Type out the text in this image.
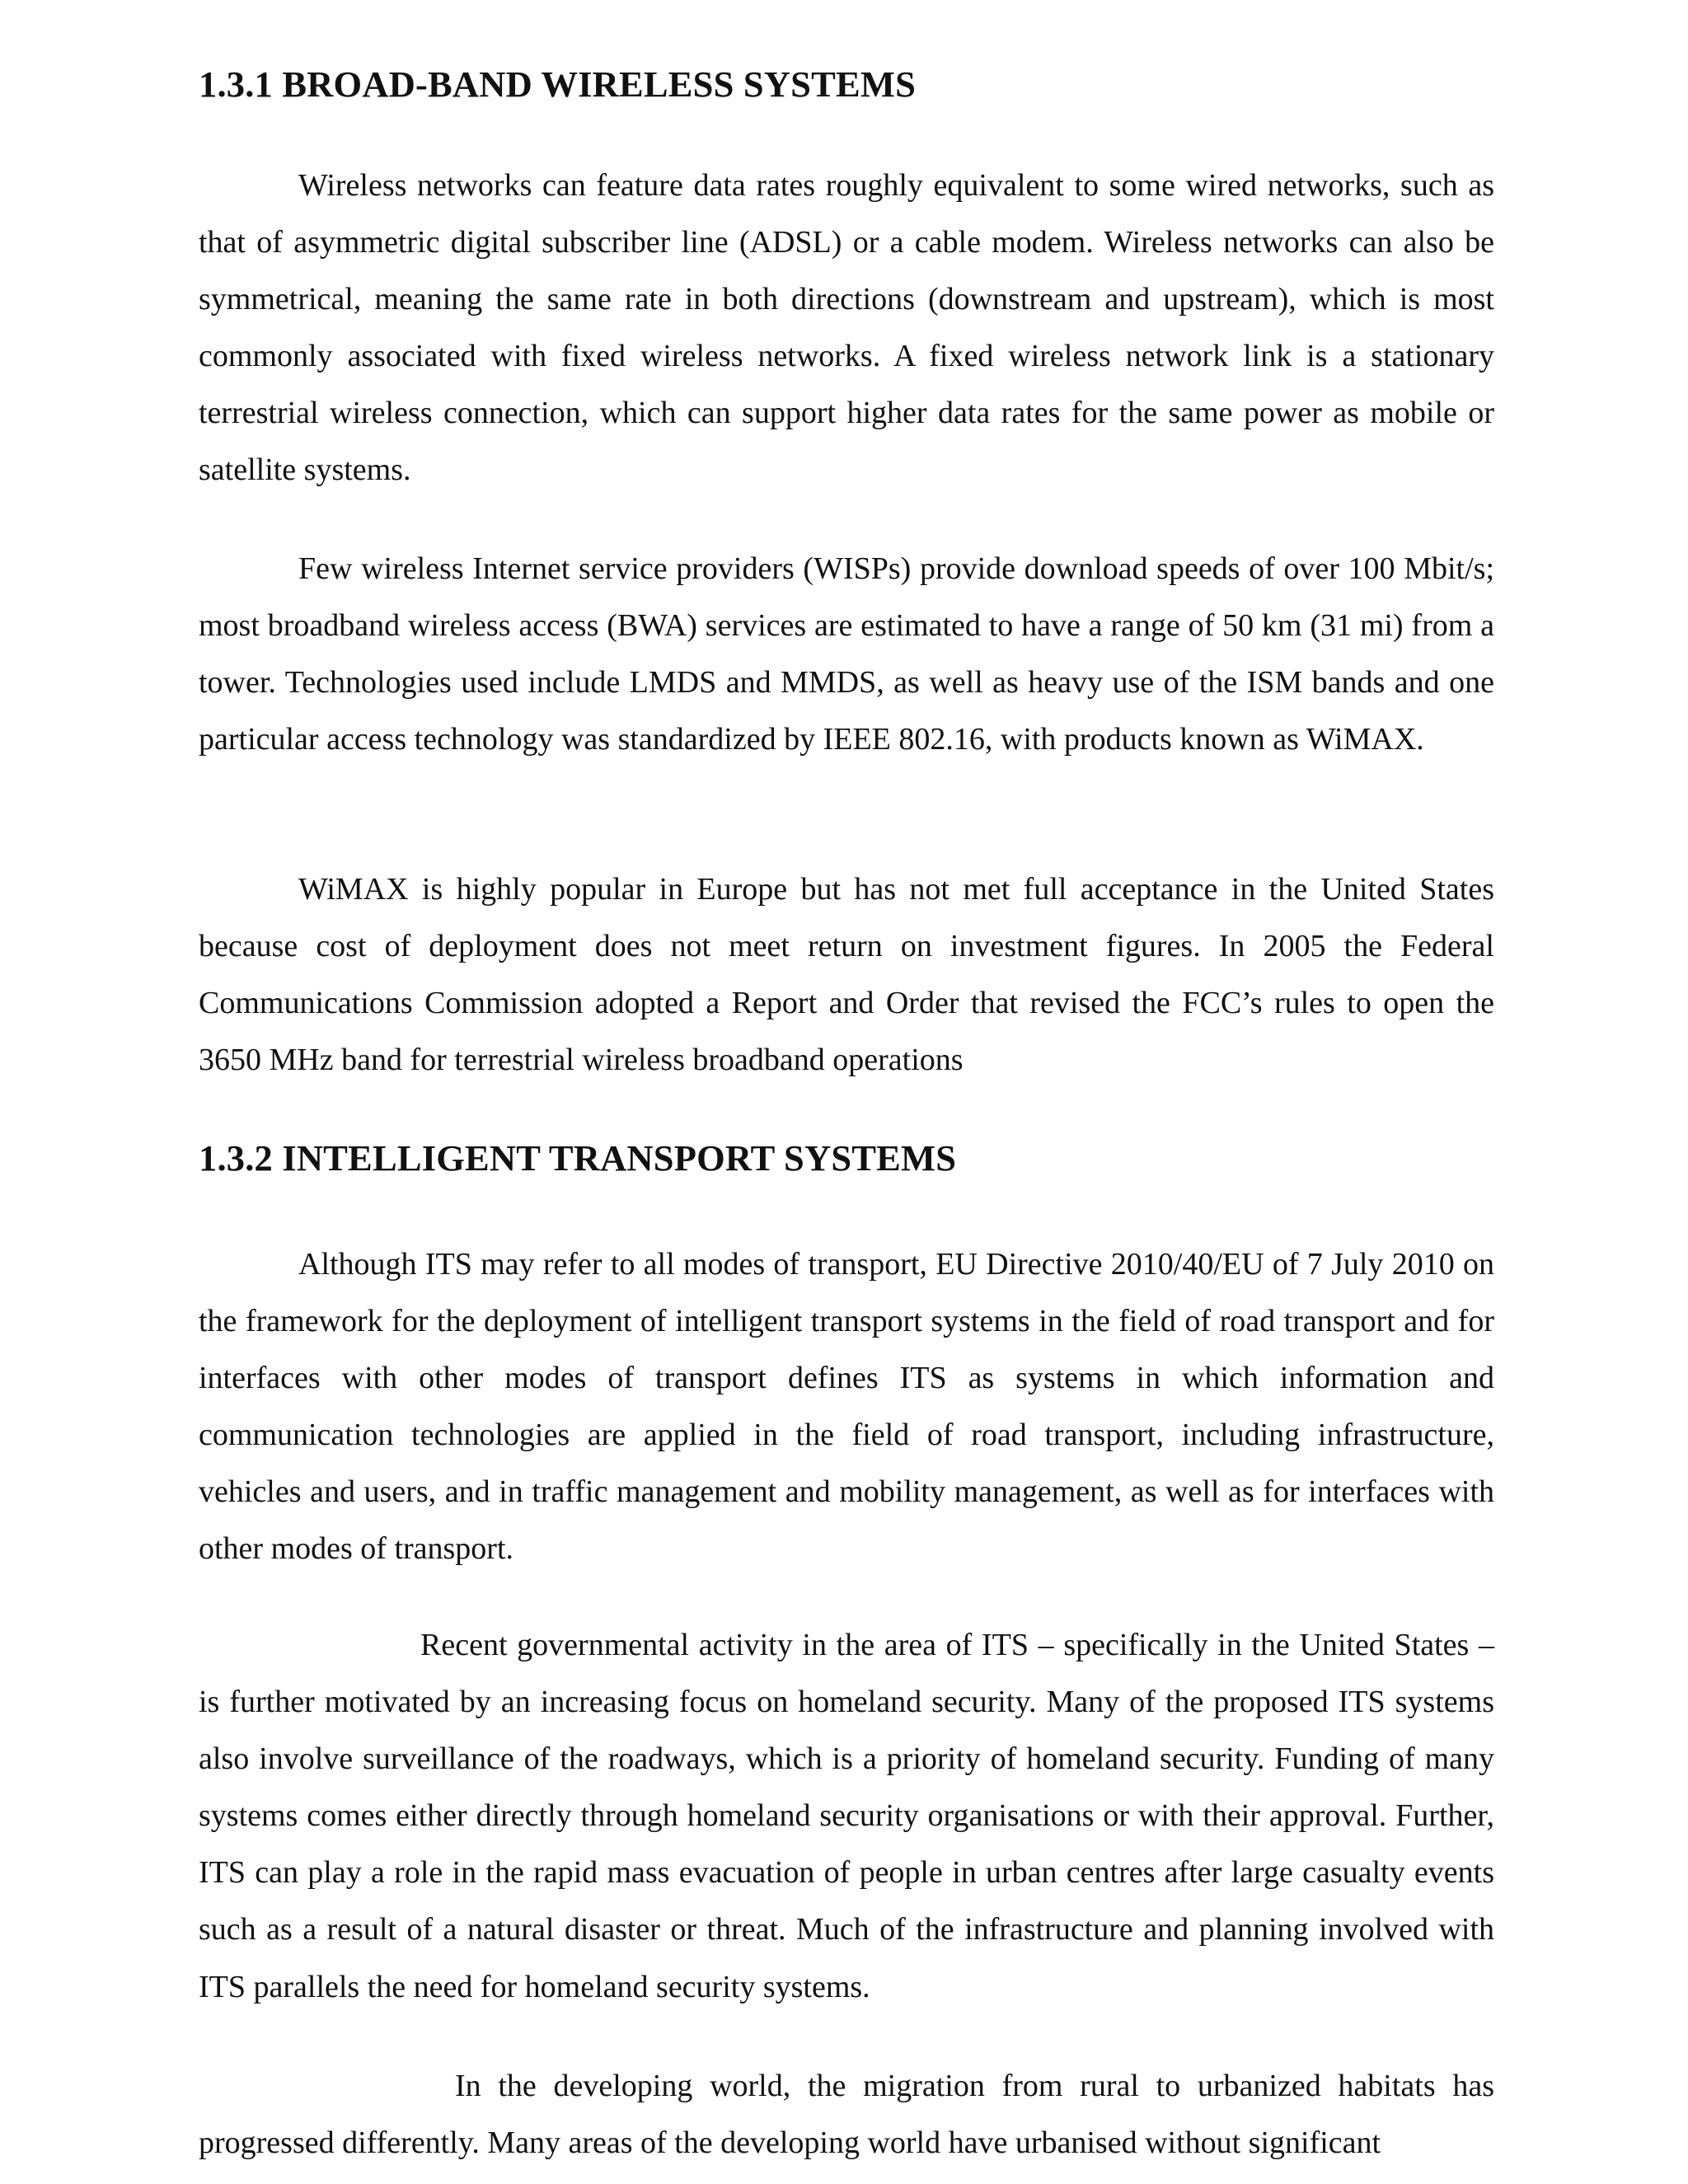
1.3.1 BROAD-BAND WIRELESS SYSTEMS

Wireless networks can feature data rates roughly equivalent to some wired networks, such as that of asymmetric digital subscriber line (ADSL) or a cable modem. Wireless networks can also be symmetrical, meaning the same rate in both directions (downstream and upstream), which is most commonly associated with fixed wireless networks. A fixed wireless network link is a stationary terrestrial wireless connection, which can support higher data rates for the same power as mobile or satellite systems.

Few wireless Internet service providers (WISPs) provide download speeds of over 100 Mbit/s; most broadband wireless access (BWA) services are estimated to have a range of 50 km (31 mi) from a tower. Technologies used include LMDS and MMDS, as well as heavy use of the ISM bands and one particular access technology was standardized by IEEE 802.16, with products known as WiMAX.

WiMAX is highly popular in Europe but has not met full acceptance in the United States because cost of deployment does not meet return on investment figures. In 2005 the Federal Communications Commission adopted a Report and Order that revised the FCC’s rules to open the 3650 MHz band for terrestrial wireless broadband operations

1.3.2 INTELLIGENT TRANSPORT SYSTEMS

Although ITS may refer to all modes of transport, EU Directive 2010/40/EU of 7 July 2010 on the framework for the deployment of intelligent transport systems in the field of road transport and for interfaces with other modes of transport defines ITS as systems in which information and communication technologies are applied in the field of road transport, including infrastructure, vehicles and users, and in traffic management and mobility management, as well as for interfaces with other modes of transport.

Recent governmental activity in the area of ITS – specifically in the United States – is further motivated by an increasing focus on homeland security. Many of the proposed ITS systems also involve surveillance of the roadways, which is a priority of homeland security. Funding of many systems comes either directly through homeland security organisations or with their approval. Further, ITS can play a role in the rapid mass evacuation of people in urban centres after large casualty events such as a result of a natural disaster or threat. Much of the infrastructure and planning involved with ITS parallels the need for homeland security systems.

In the developing world, the migration from rural to urbanized habitats has progressed differently. Many areas of the developing world have urbanised without significant
